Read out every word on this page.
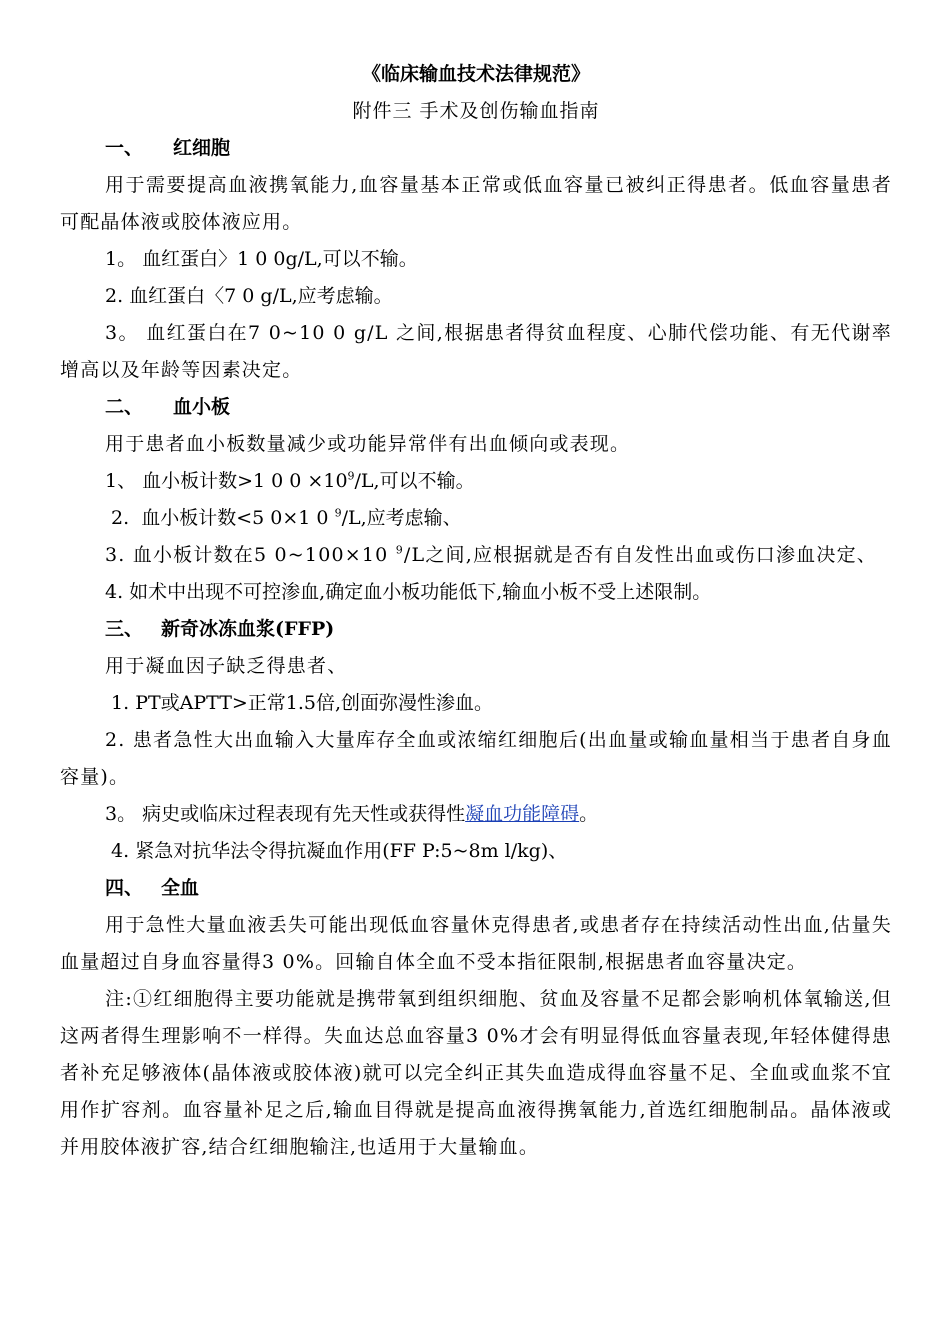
《临床输血技术法律规范》
附件三 手术及创伤输血指南
一、 红细胞
用于需要提高血液携氧能力,血容量基本正常或低血容量已被纠正得患者。低血容量患者可配晶体液或胶体液应用。
1。 血红蛋白〉1 0 0g/L,可以不输。
2. 血红蛋白〈7 0 g/L,应考虑输。
3。 血红蛋白在7 0~10 0 g/L 之间,根据患者得贫血程度、心肺代偿功能、有无代谢率增高以及年龄等因素决定。
二、 血小板
用于患者血小板数量减少或功能异常伴有出血倾向或表现。
1、 血小板计数>1 0 $0 \times 10^9/L$,可以不输。
2.  血小板计数<5 0×1 0 $^9$/L,应考虑输、
3. 血小板计数在5 0~100×10 $^9$/L之间,应根据就是否有自发性出血或伤口渗血决定、
4. 如术中出现不可控渗血,确定血小板功能低下,输血小板不受上述限制。
三、 新奇冰冻血浆(FFP)
用于凝血因子缺乏得患者、
1. PT或APTT>正常1.5倍,创面弥漫性渗血。
2. 患者急性大出血输入大量库存全血或浓缩红细胞后(出血量或输血量相当于患者自身血容量)。
3。 病史或临床过程表现有先天性或获得性凝血功能障碍。
4. 紧急对抗华法令得抗凝血作用(FF P:5~8m l/kg)、
四、 全血
用于急性大量血液丢失可能出现低血容量休克得患者,或患者存在持续活动性出血,估量失血量超过自身血容量得3 0%。回输自体全血不受本指征限制,根据患者血容量决定。
注:①红细胞得主要功能就是携带氧到组织细胞、贫血及容量不足都会影响机体氧输送,但这两者得生理影响不一样得。失血达总血容量3 0%才会有明显得低血容量表现,年轻体健得患者补充足够液体(晶体液或胶体液)就可以完全纠正其失血造成得血容量不足、全血或血浆不宜用作扩容剂。血容量补足之后,输血目得就是提高血液得携氧能力,首选红细胞制品。晶体液或并用胶体液扩容,结合红细胞输注,也适用于大量输血。
